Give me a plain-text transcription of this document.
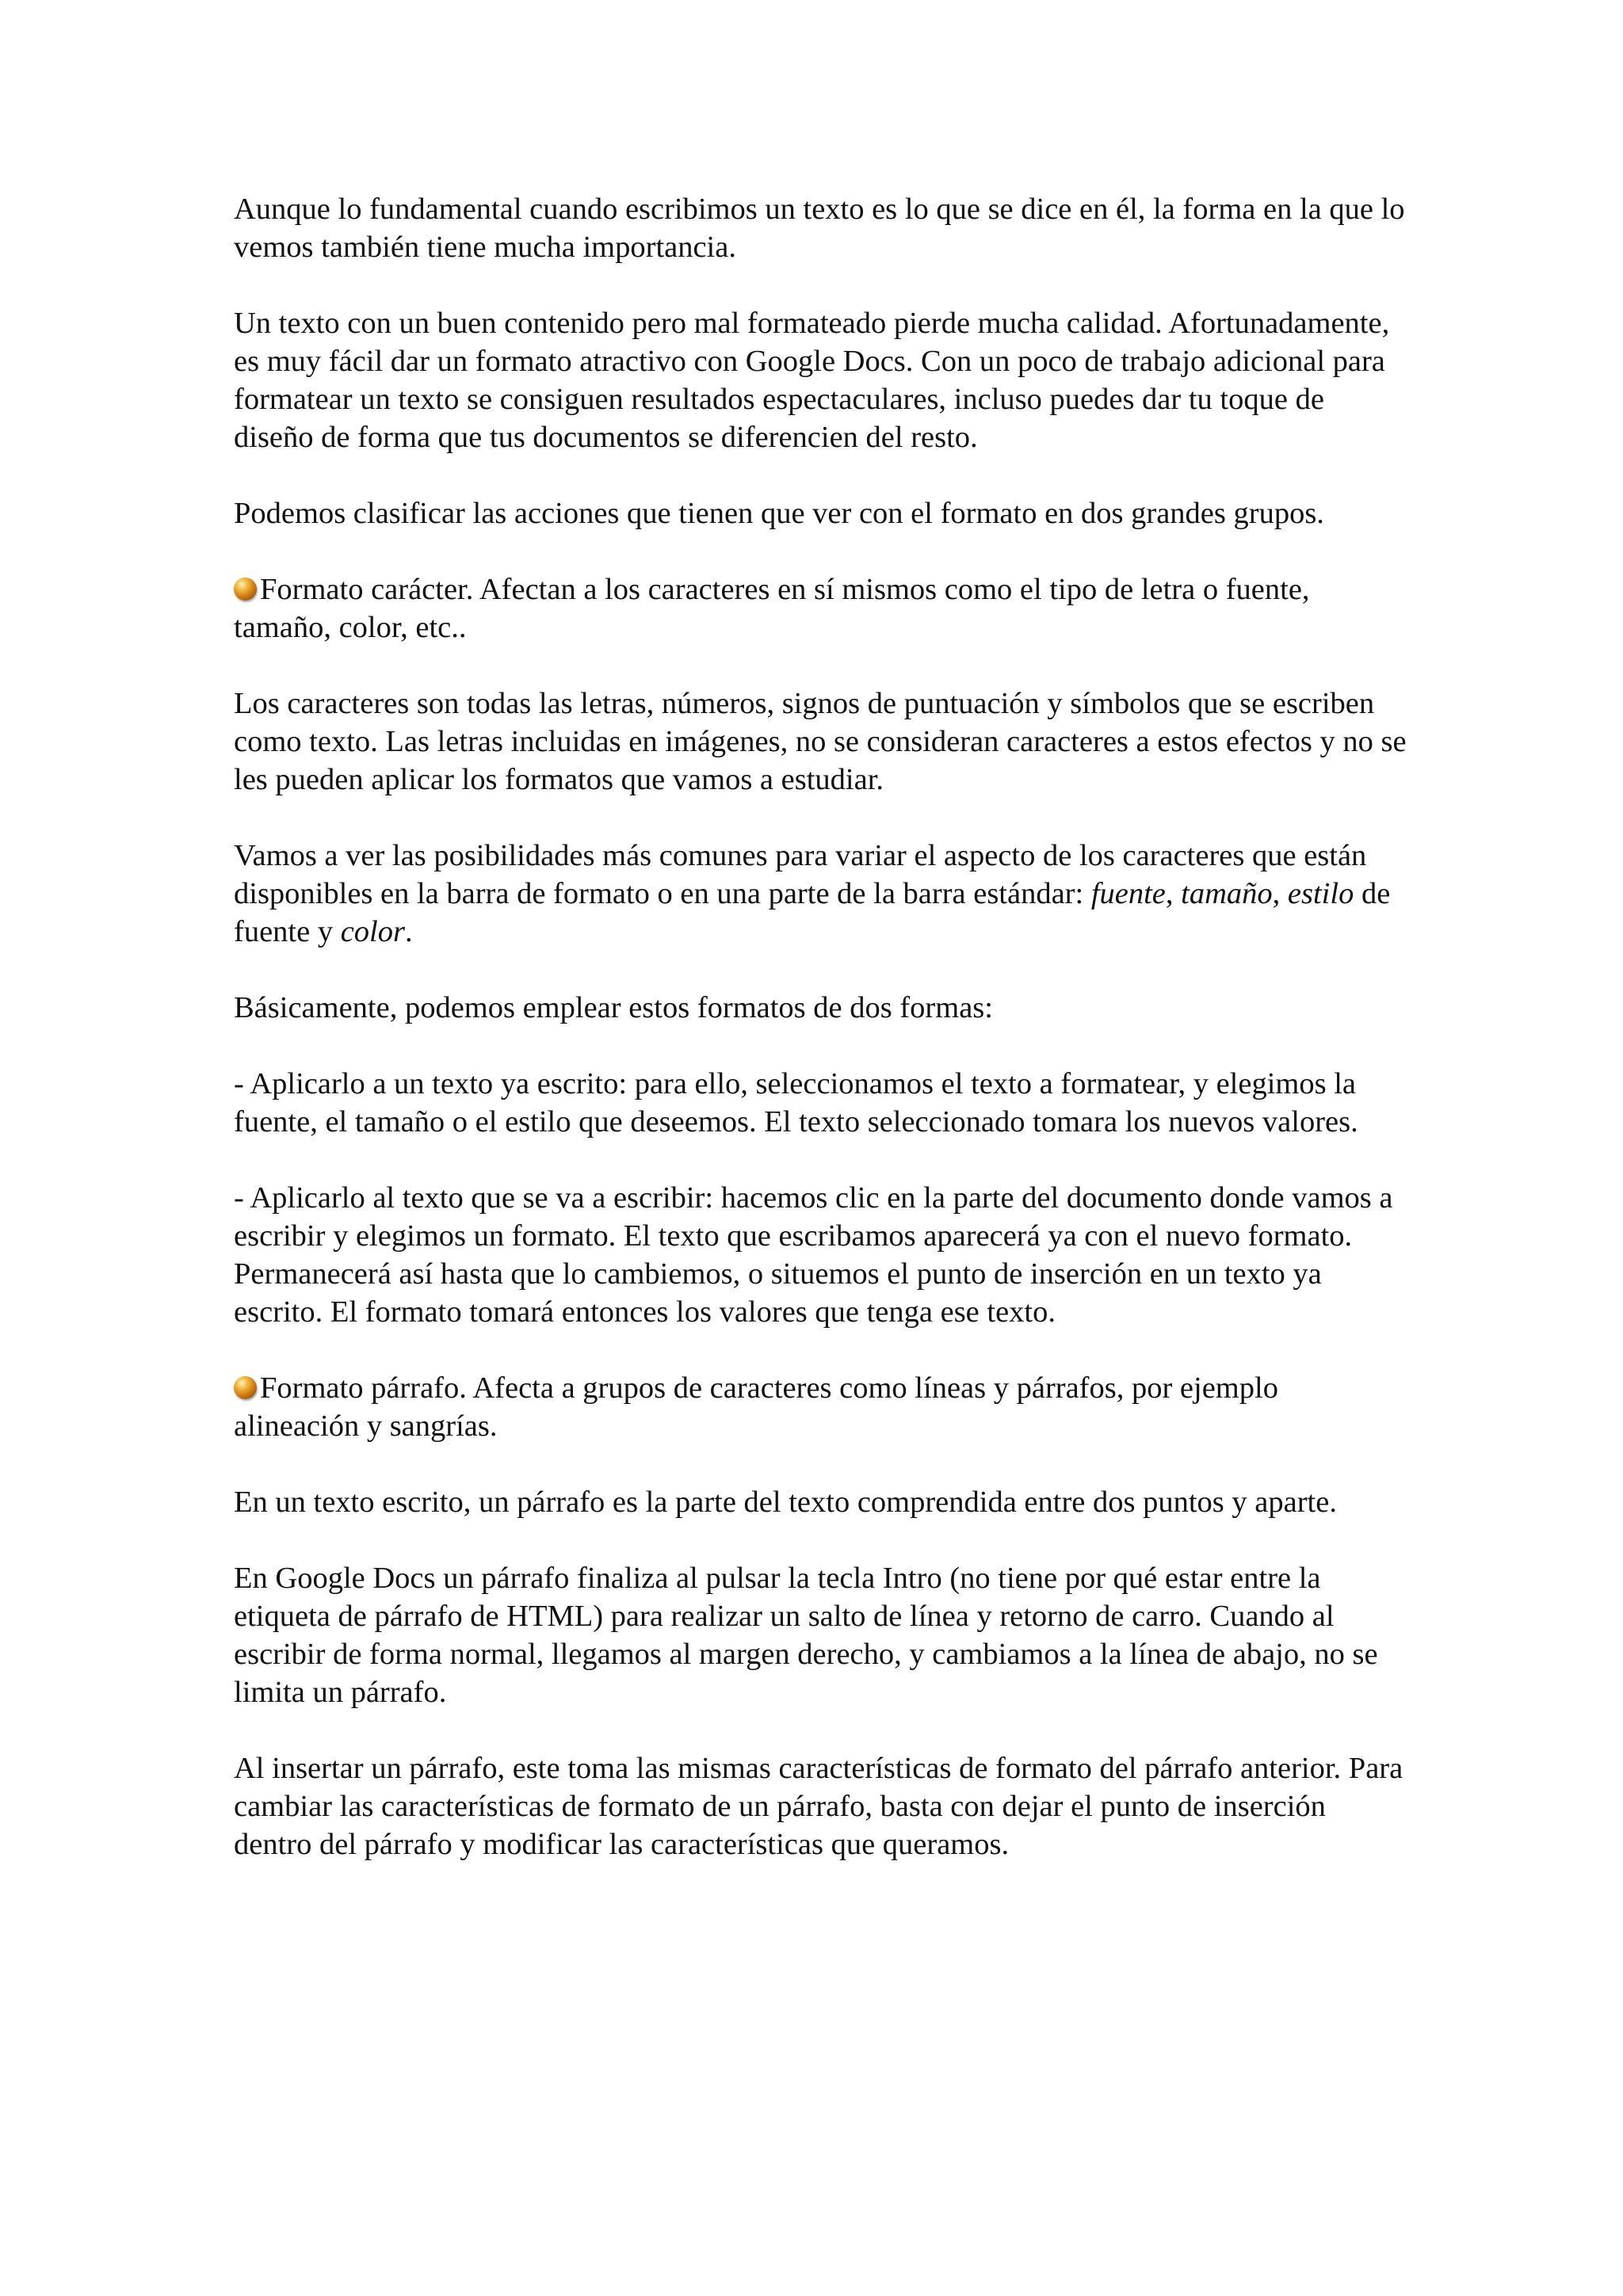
Aunque lo fundamental cuando escribimos un texto es lo que se dice en él, la forma en la que lo vemos también tiene mucha importancia.

Un texto con un buen contenido pero mal formateado pierde mucha calidad. Afortunadamente, es muy fácil dar un formato atractivo con Google Docs. Con un poco de trabajo adicional para formatear un texto se consiguen resultados espectaculares, incluso puedes dar tu toque de diseño de forma que tus documentos se diferencien del resto.

Podemos clasificar las acciones que tienen que ver con el formato en dos grandes grupos.

Formato carácter. Afectan a los caracteres en sí mismos como el tipo de letra o fuente, tamaño, color, etc..

Los caracteres son todas las letras, números, signos de puntuación y símbolos que se escriben como texto. Las letras incluidas en imágenes, no se consideran caracteres a estos efectos y no se les pueden aplicar los formatos que vamos a estudiar.

Vamos a ver las posibilidades más comunes para variar el aspecto de los caracteres que están disponibles en la barra de formato o en una parte de la barra estándar: fuente, tamaño, estilo de fuente y color.

Básicamente, podemos emplear estos formatos de dos formas:

- Aplicarlo a un texto ya escrito: para ello, seleccionamos el texto a formatear, y elegimos la fuente, el tamaño o el estilo que deseemos. El texto seleccionado tomara los nuevos valores.

- Aplicarlo al texto que se va a escribir: hacemos clic en la parte del documento donde vamos a escribir y elegimos un formato. El texto que escribamos aparecerá ya con el nuevo formato. Permanecerá así hasta que lo cambiemos, o situemos el punto de inserción en un texto ya escrito. El formato tomará entonces los valores que tenga ese texto.

Formato párrafo. Afecta a grupos de caracteres como líneas y párrafos, por ejemplo alineación y sangrías.

En un texto escrito, un párrafo es la parte del texto comprendida entre dos puntos y aparte.

En Google Docs un párrafo finaliza al pulsar la tecla Intro (no tiene por qué estar entre la etiqueta de párrafo de HTML) para realizar un salto de línea y retorno de carro. Cuando al escribir de forma normal, llegamos al margen derecho, y cambiamos a la línea de abajo, no se limita un párrafo.

Al insertar un párrafo, este toma las mismas características de formato del párrafo anterior. Para cambiar las características de formato de un párrafo, basta con dejar el punto de inserción dentro del párrafo y modificar las características que queramos.
